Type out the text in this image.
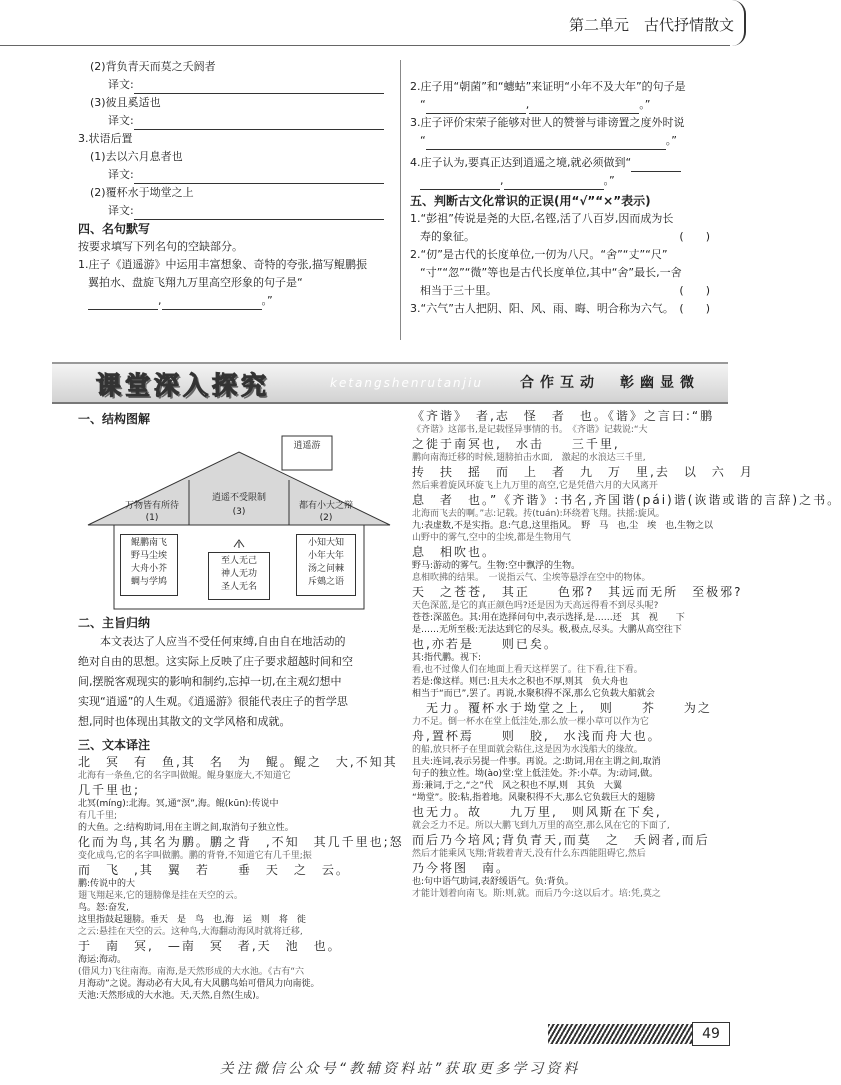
第二单元　 古代抒情散文
(2)背负青天而莫之夭阏者
译文:
(3)彼且奚适也
译文:
3.状语后置
(1)去以六月息者也
译文:
(2)覆杯水于坳堂之上
译文:
四、名句默写
按要求填写下列名句的空缺部分。
1.庄子《逍遥游》中运用丰富想象、奇特的夸张,描写鲲鹏振
翼拍水、盘旋飞翔九万里高空形象的句子是“
,	。”
2.庄子用“朝菌”和“蟪蛄”来证明“小年不及大年”的句子是
“	,	。”
3.庄子评价宋荣子能够对世人的赞誉与诽谤置之度外时说
“	。”
4.庄子认为,要真正达到逍遥之境,就必须做到“
,	。”
五、判断古文化常识的正误(用“√”“×”表示)
1.“彭祖”传说是尧的大臣,名铿,活了八百岁,因而成为长
寿的象征。	(　　)
2.“仞”是古代的长度单位,一仞为八尺。“舍”“丈”“尺”
“寸”“忽”“微”等也是古代长度单位,其中“舍”最长,一舍
相当于三十里。	(　　)
3.“六气”古人把阴、阳、风、雨、晦、明合称为六气。 (　　)
课堂深入探究	ketangshenrutanjiu	合作互动　彰幽显微
一、结构图解
逍遥游
万物皆有所待
(1)
逍遥不受限制
(3)
都有小大之辩
(2)
鲲鹏南飞
野马尘埃
大舟小芥
蜩与学鸠
至人无己
神人无功
圣人无名
小知大知
小年大年
汤之问棘
斥鴳之语
二、主旨归纳
本文表达了人应当不受任何束缚,自由自在地活动的
绝对自由的思想。这实际上反映了庄子要求超越时间和空
间,摆脱客观现实的影响和制约,忘掉一切,在主观幻想中
实现“逍遥”的人生观。《逍遥游》很能代表庄子的哲学思
想,同时也体现出其散文的文学风格和成就。
三、文本译注
北　冥　有　鱼,其　名　为　鲲。鲲之　大,不知其
北海有一条鱼,它的名字叫做鲲。鲲身躯庞大,不知道它
几千里也;
北冥(míng):北海。冥,通“溟”,海。鲲(kūn):传说中
有几千里;
的大鱼。之:结构助词,用在主谓之间,取消句子独立性。
化而为鸟,其名为鹏。鹏之背　,不知　其几千里也;怒
变化成鸟,它的名字叫做鹏。鹏的背脊,不知道它有几千里;振
而　飞　,其　翼　若　　垂　天　之　云。
鹏:传说中的大
翅飞翔起来,它的翅膀像是挂在天空的云。
鸟。怒:奋发,
这里指鼓起翅膀。垂天　是　鸟　也,海　运　则　将　徙
之云:悬挂在天空的云。这种鸟,大海翻动海风时就将迁移,
于　南　冥,　—南　冥　者,天　池　也。
海运:海动。
(借风力)飞往南海。南海,是天然形成的大水池。《古有“六
月海动”之说。海动必有大风,有大风鹏鸟始可借风力向南徙。
天池:天然形成的大水池。天,天然,自然(生成)。
《齐谐》　者,志　怪　者　也。《谐》之言曰:“鹏
《齐谐》这部书,是记载怪异事情的书。　《齐谐》记载说:“大
之徙于南冥也,　水击　　三千里,
鹏向南海迁移的时候,翅膀拍击水面,　激起的水浪达三千里,
抟　扶　摇　而　上　者　九　万　里,去　以　六　月
然后乘着旋风环旋飞上九万里的高空,它是凭借六月的大风离开
息　者　也。”《齐谐》:书名,齐国谐(pái)谐(诙谐或谐的言辞)之书。
北海而飞去的啊。”志:记载。抟(tuán):环绕着飞翔。扶摇:旋风。
九:表虚数,不是实指。息:气息,这里指风。　野　马　也,尘　埃　也,生物之以
山野中的雾气,空中的尘埃,都是生物用气
息　相吹也。
野马:游动的雾气。生物:空中飘浮的生物。
息相吹拂的结果。　一说指云气、尘埃等悬浮在空中的物体。
天　之苍苍,　其正　　色邪?　其远而无所　至极邪?
天色深蓝,是它的真正颜色吗?还是因为天高远得看不到尽头呢?
苍苍:深蓝色。其:用在选择问句中,表示选择,是……还　其　视　　下
是……无所至极:无法达到它的尽头。极,极点,尽头。大鹏从高空往下
也,亦若是　　则已矣。
其:指代鹏。视下:
看,也不过像人们在地面上看天这样罢了。往下看,往下看。
若是:像这样。则已:且夫水之积也不厚,则其　负大舟也
相当于“而已”,罢了。再说,水聚积得不深,那么它负载大船就会
　无力。覆杯水于坳堂之上,　则　　芥　　为之
力不足。倒一杯水在堂上低洼处,那么放一棵小草可以作为它
舟,置杯焉　　则　胶,　水浅而舟大也。
的船,放只杯子在里面就会粘住,这是因为水浅船大的缘故。
且夫:连词,表示另提一件事。再说。之:助词,用在主谓之间,取消
句子的独立性。坳(ào)堂:堂上低洼处。芥:小草。为:动词,做。
焉:兼词,于之,“之”代　风之积也不厚,则　其负　大翼
“坳堂”。胶:粘,指着地。风聚积得不大,那么它负载巨大的翅膀
也无力。故　　九万里,　则风斯在下矣,
就会乏力不足。所以大鹏飞到九万里的高空,那么风在它的下面了,
而后乃今培风;背负青天,而莫　之　夭阏者,而后
然后才能乘风飞翔;背载着青天,没有什么东西能阻碍它,然后
乃今将图　南。
也:句中语气助词,表舒缓语气。负:背负。
才能计划着向南飞。斯:则,就。而后乃今:这以后才。培:凭,莫之
49
关注微信公众号“教辅资料站”获取更多学习资料
